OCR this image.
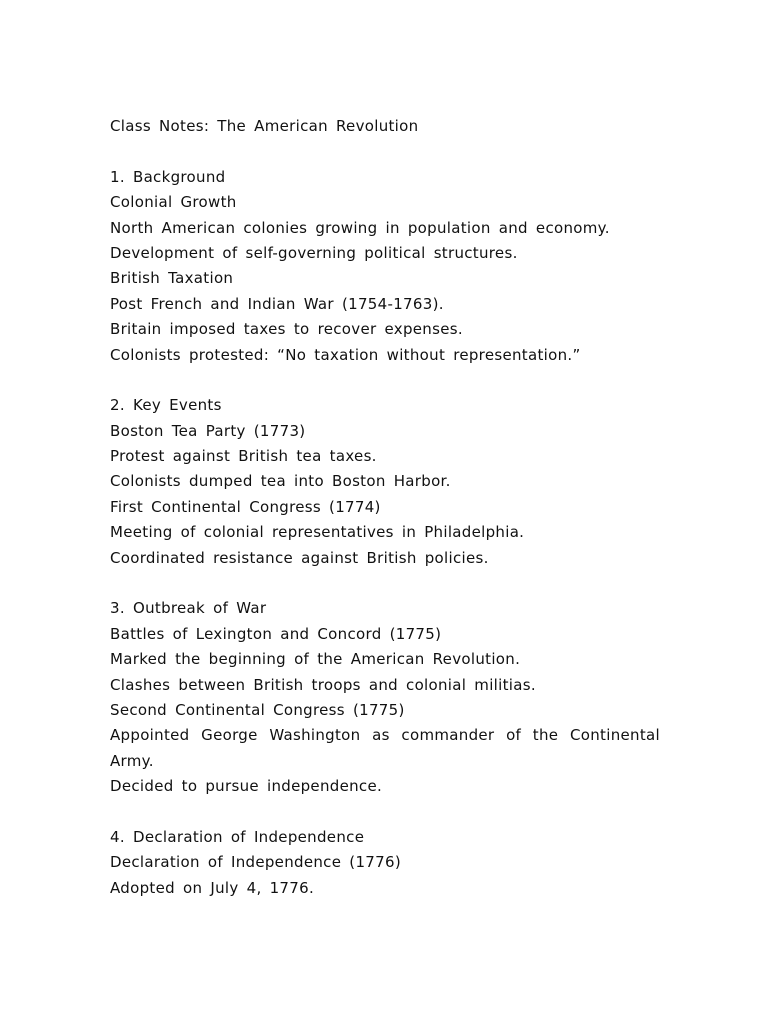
Class Notes: The American Revolution
1. Background
Colonial Growth
North American colonies growing in population and economy.
Development of self-governing political structures.
British Taxation
Post French and Indian War (1754-1763).
Britain imposed taxes to recover expenses.
Colonists protested: “No taxation without representation.”
2. Key Events
Boston Tea Party (1773)
Protest against British tea taxes.
Colonists dumped tea into Boston Harbor.
First Continental Congress (1774)
Meeting of colonial representatives in Philadelphia.
Coordinated resistance against British policies.
3. Outbreak of War
Battles of Lexington and Concord (1775)
Marked the beginning of the American Revolution.
Clashes between British troops and colonial militias.
Second Continental Congress (1775)
Appointed George Washington as commander of the Continental Army.
Decided to pursue independence.
4. Declaration of Independence
Declaration of Independence (1776)
Adopted on July 4, 1776.
